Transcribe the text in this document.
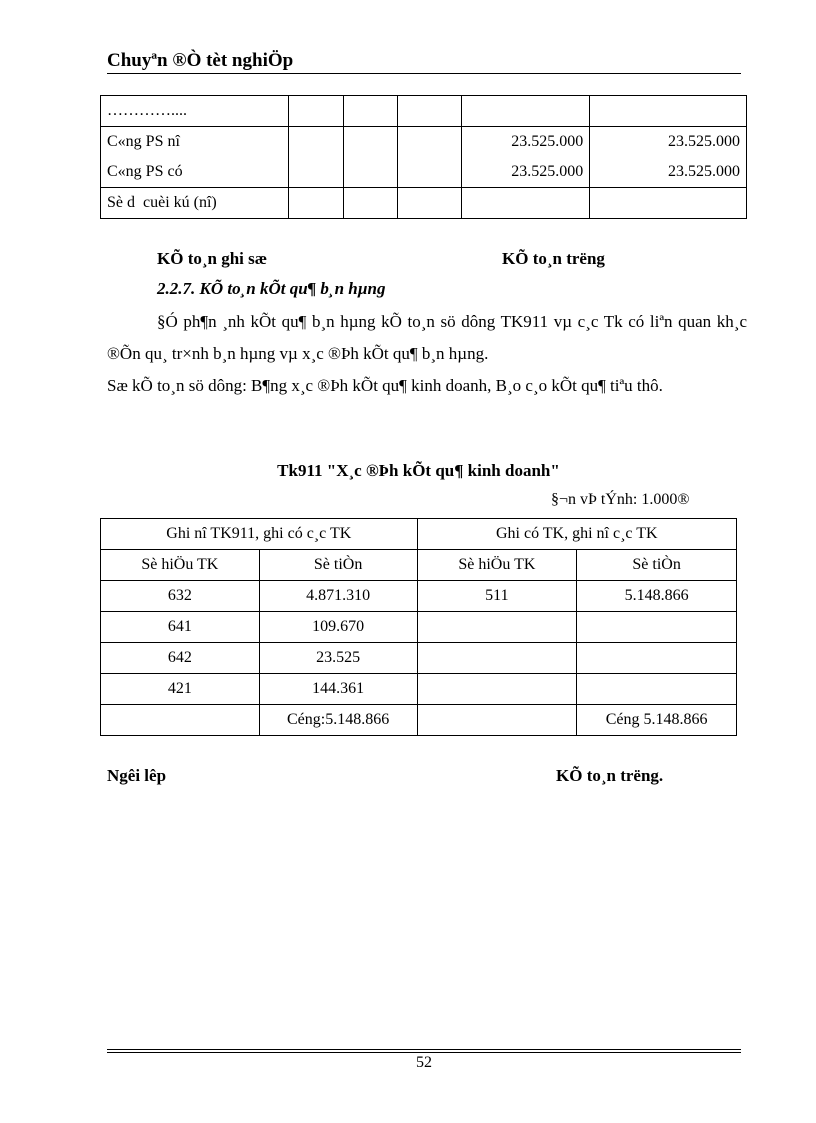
Chuyªn ®Ò tèt nghiÖp
…………....					
C«ng PS nî				23.525.000	23.525.000
C«ng PS có				23.525.000	23.525.000
Sè d  cuèi kú (nî)					
KÕ to¸n ghi sæ	KÕ to¸n trëng
2.2.7. KÕ to¸n kÕt qu¶ b¸n hµng
§Ó ph¶n ¸nh kÕt qu¶ b¸n hµng kÕ to¸n sö dông TK911 vµ c¸c Tk có liªn quan kh¸c ®Õn qu¸ tr×nh b¸n hµng vµ x¸c ®Þh kÕt qu¶ b¸n hµng.
Sæ kÕ to¸n sö dông: B¶ng x¸c ®Þh kÕt qu¶ kinh doanh, B¸o c¸o kÕt qu¶ tiªu thô.
Tk911 "X¸c ®Þh kÕt qu¶ kinh doanh"
§¬n vÞ tÝnh: 1.000®
Ghi nî TK911, ghi có c¸c TK		Ghi có TK, ghi nî c¸c TK	
Sè hiÖu TK	Sè tiÒn	Sè hiÖu TK	Sè tiÒn
632	4.871.310	511	5.148.866
641	109.670		
642	23.525		
421	144.361		
	Céng:5.148.866		Céng 5.148.866
Ngêi lêp	KÕ to¸n trëng.
52
